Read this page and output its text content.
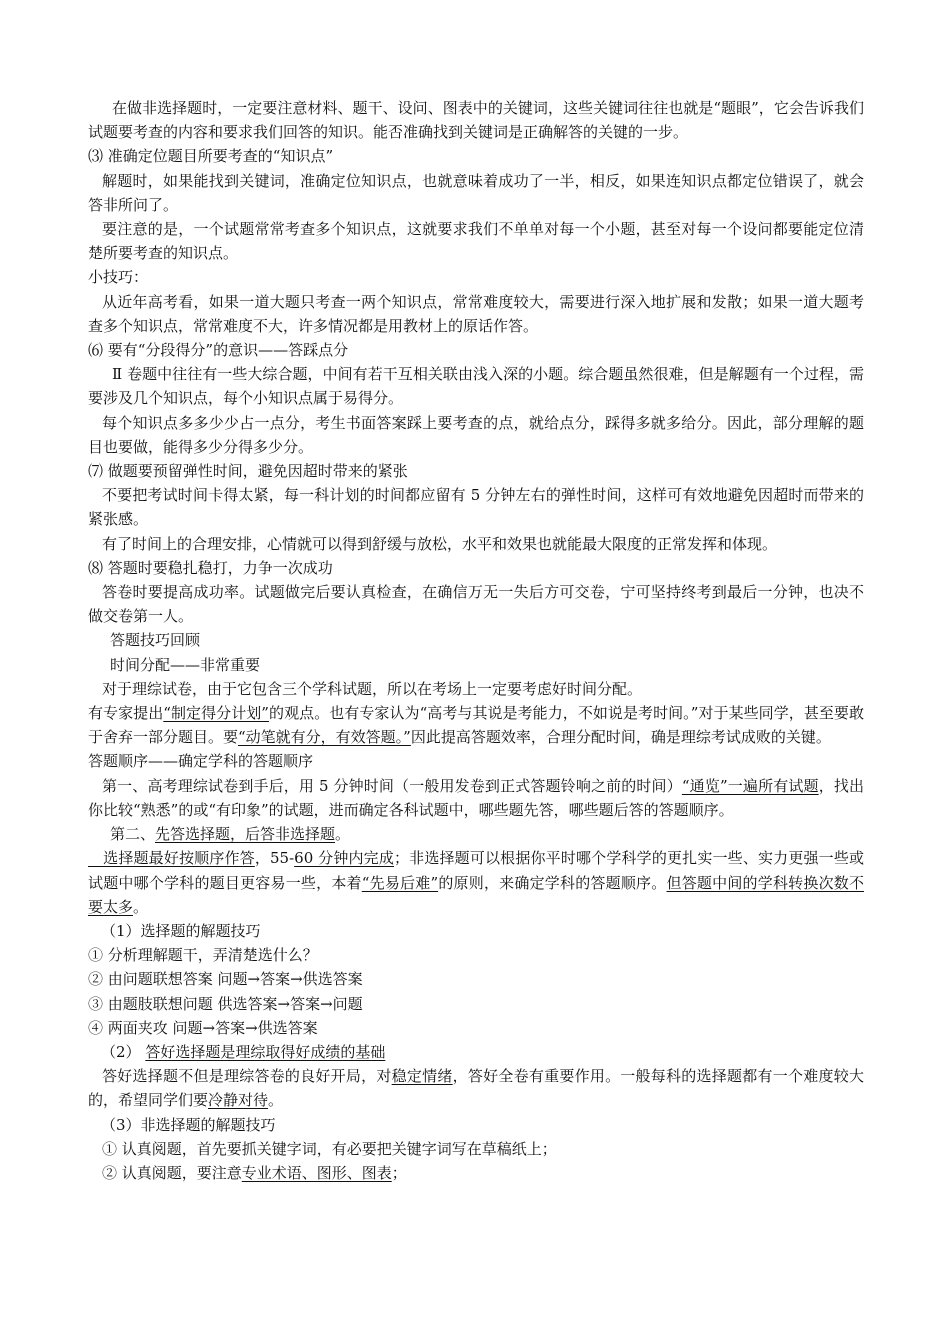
在做非选择题时，一定要注意材料、题干、设问、图表中的关键词，这些关键词往往也就是“题眼”，它会告诉我们试题要考查的内容和要求我们回答的知识。能否准确找到关键词是正确解答的关键的一步。

⑶ 准确定位题目所要考查的“知识点”

解题时，如果能找到关键词，准确定位知识点，也就意味着成功了一半，相反，如果连知识点都定位错误了，就会答非所问了。

要注意的是，一个试题常常考查多个知识点，这就要求我们不单单对每一个小题，甚至对每一个设问都要能定位清楚所要考查的知识点。

小技巧：

从近年高考看，如果一道大题只考查一两个知识点，常常难度较大，需要进行深入地扩展和发散；如果一道大题考查多个知识点，常常难度不大，许多情况都是用教材上的原话作答。

⑹ 要有“分段得分”的意识——答踩点分

Ⅱ 卷题中往往有一些大综合题，中间有若干互相关联由浅入深的小题。综合题虽然很难，但是解题有一个过程，需要涉及几个知识点，每个小知识点属于易得分。

每个知识点多多少少占一点分，考生书面答案踩上要考查的点，就给点分，踩得多就多给分。因此，部分理解的题目也要做，能得多少分得多少分。

⑺ 做题要预留弹性时间，避免因超时带来的紧张

不要把考试时间卡得太紧，每一科计划的时间都应留有 5 分钟左右的弹性时间，这样可有效地避免因超时而带来的紧张感。

有了时间上的合理安排，心情就可以得到舒缓与放松，水平和效果也就能最大限度的正常发挥和体现。

⑻ 答题时要稳扎稳打，力争一次成功

答卷时要提高成功率。试题做完后要认真检查，在确信万无一失后方可交卷，宁可坚持终考到最后一分钟，也决不做交卷第一人。

答题技巧回顾

时间分配——非常重要

对于理综试卷，由于它包含三个学科试题，所以在考场上一定要考虑好时间分配。

有专家提出“制定得分计划”的观点。也有专家认为“高考与其说是考能力，不如说是考时间。”对于某些同学，甚至要敢于舍弃一部分题目。要“动笔就有分，有效答题。”因此提高答题效率，合理分配时间，确是理综考试成败的关键。

答题顺序——确定学科的答题顺序

第一、高考理综试卷到手后，用 5 分钟时间（一般用发卷到正式答题铃响之前的时间）“通览”一遍所有试题，找出你比较“熟悉”的或“有印象”的试题，进而确定各科试题中，哪些题先答，哪些题后答的答题顺序。

第二、先答选择题，后答非选择题。

　选择题最好按顺序作答，55-60 分钟内完成；非选择题可以根据你平时哪个学科学的更扎实一些、实力更强一些或试题中哪个学科的题目更容易一些，本着“先易后难”的原则，来确定学科的答题顺序。但答题中间的学科转换次数不要太多。

（1）选择题的解题技巧

① 分析理解题干，弄清楚选什么？

② 由问题联想答案 问题→答案→供选答案

③ 由题肢联想问题 供选答案→答案→问题

④ 两面夹攻 问题→答案→供选答案

（2） 答好选择题是理综取得好成绩的基础

答好选择题不但是理综答卷的良好开局，对稳定情绪，答好全卷有重要作用。一般每科的选择题都有一个难度较大的，希望同学们要冷静对待。

（3）非选择题的解题技巧

① 认真阅题，首先要抓关键字词，有必要把关键字词写在草稿纸上；

② 认真阅题，要注意专业术语、图形、图表；
